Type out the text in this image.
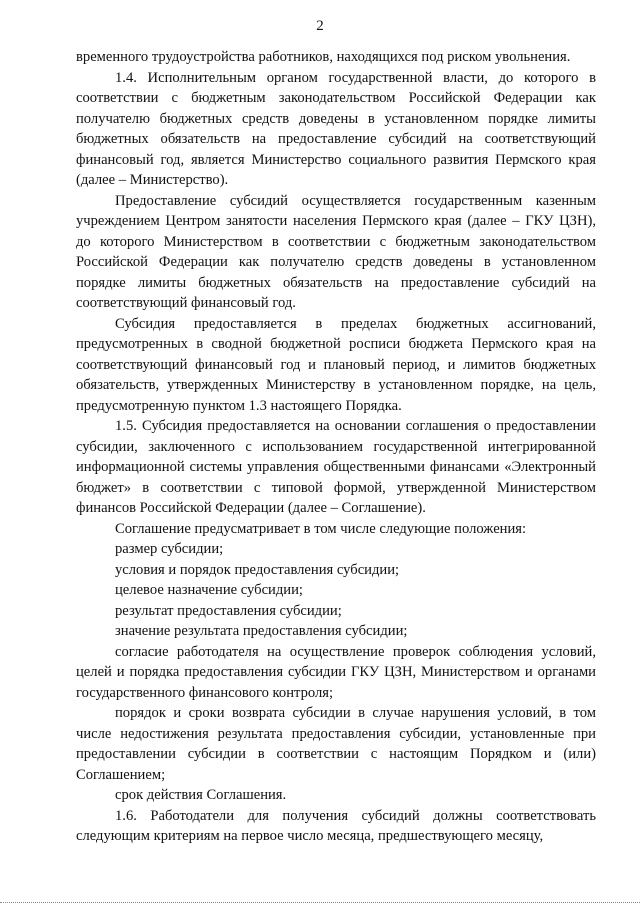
2

временного трудоустройства работников, находящихся под риском увольнения.

1.4. Исполнительным органом государственной власти, до которого в соответствии с бюджетным законодательством Российской Федерации как получателю бюджетных средств доведены в установленном порядке лимиты бюджетных обязательств на предоставление субсидий на соответствующий финансовый год, является Министерство социального развития Пермского края (далее – Министерство).

Предоставление субсидий осуществляется государственным казенным учреждением Центром занятости населения Пермского края (далее – ГКУ ЦЗН), до которого Министерством в соответствии с бюджетным законодательством Российской Федерации как получателю средств доведены в установленном порядке лимиты бюджетных обязательств на предоставление субсидий на соответствующий финансовый год.

Субсидия предоставляется в пределах бюджетных ассигнований, предусмотренных в сводной бюджетной росписи бюджета Пермского края на соответствующий финансовый год и плановый период, и лимитов бюджетных обязательств, утвержденных Министерству в установленном порядке, на цель, предусмотренную пунктом 1.3 настоящего Порядка.

1.5. Субсидия предоставляется на основании соглашения о предоставлении субсидии, заключенного с использованием государственной интегрированной информационной системы управления общественными финансами «Электронный бюджет» в соответствии с типовой формой, утвержденной Министерством финансов Российской Федерации (далее – Соглашение).

Соглашение предусматривает в том числе следующие положения:

размер субсидии;

условия и порядок предоставления субсидии;

целевое назначение субсидии;

результат предоставления субсидии;

значение результата предоставления субсидии;

согласие работодателя на осуществление проверок соблюдения условий, целей и порядка предоставления субсидии ГКУ ЦЗН, Министерством и органами государственного финансового контроля;

порядок и сроки возврата субсидии в случае нарушения условий, в том числе недостижения результата предоставления субсидии, установленные при предоставлении субсидии в соответствии с настоящим Порядком и (или) Соглашением;

срок действия Соглашения.

1.6. Работодатели для получения субсидий должны соответствовать следующим критериям на первое число месяца, предшествующего месяцу,
